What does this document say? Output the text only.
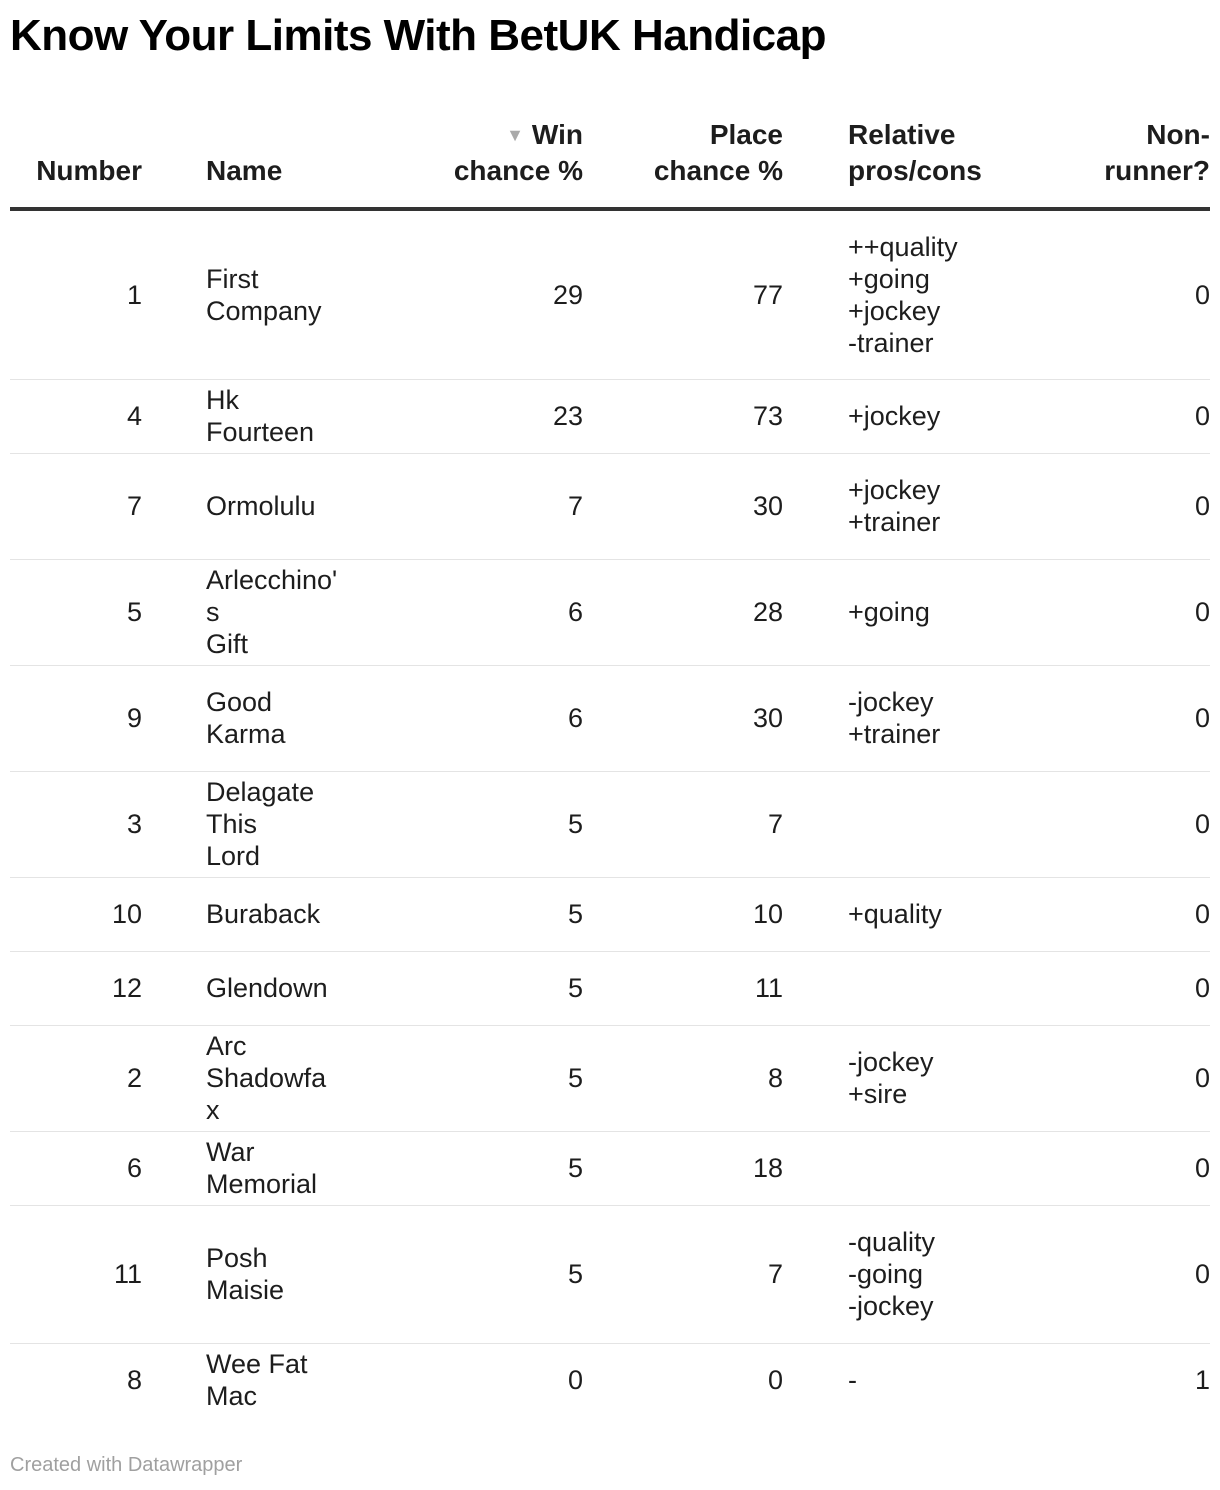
Know Your Limits With BetUK Handicap
Number	Name	▼ Win
chance %	Place
chance %	Relative
pros/cons	Non-
runner?
1	First
Company	29	77	++quality
+going
+jockey
-trainer	0
4	Hk Fourteen	23	73	+jockey	0
7	Ormolulu	7	30	+jockey
+trainer	0
5	Arlecchino's
Gift	6	28	+going	0
9	Good Karma	6	30	-jockey
+trainer	0
3	Delagate This
Lord	5	7		0
10	Buraback	5	10	+quality	0
12	Glendown	5	11		0
2	Arc
Shadowfax	5	8	-jockey
+sire	0
6	War Memorial	5	18		0
11	Posh Maisie	5	7	-quality
-going
-jockey	0
8	Wee Fat Mac	0	0	-	1
Created with Datawrapper
